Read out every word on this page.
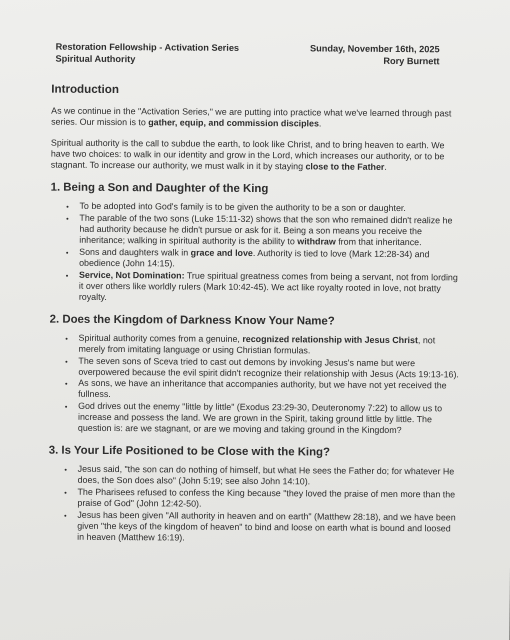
Restoration Fellowship - Activation Series
Spiritual Authority
Sunday, November 16th, 2025
Rory Burnett
Introduction

As we continue in the "Activation Series," we are putting into practice what we've learned through past series. Our mission is to gather, equip, and commission disciples.

Spiritual authority is the call to subdue the earth, to look like Christ, and to bring heaven to earth. We have two choices: to walk in our identity and grow in the Lord, which increases our authority, or to be stagnant. To increase our authority, we must walk in it by staying close to the Father.

1. Being a Son and Daughter of the King
• To be adopted into God's family is to be given the authority to be a son or daughter.
• The parable of the two sons (Luke 15:11-32) shows that the son who remained didn't realize he had authority because he didn't pursue or ask for it. Being a son means you receive the inheritance; walking in spiritual authority is the ability to withdraw from that inheritance.
• Sons and daughters walk in grace and love. Authority is tied to love (Mark 12:28-34) and obedience (John 14:15).
• Service, Not Domination: True spiritual greatness comes from being a servant, not from lording it over others like worldly rulers (Mark 10:42-45). We act like royalty rooted in love, not bratty royalty.
2. Does the Kingdom of Darkness Know Your Name?
• Spiritual authority comes from a genuine, recognized relationship with Jesus Christ, not merely from imitating language or using Christian formulas.
• The seven sons of Sceva tried to cast out demons by invoking Jesus's name but were overpowered because the evil spirit didn't recognize their relationship with Jesus (Acts 19:13-16).
• As sons, we have an inheritance that accompanies authority, but we have not yet received the fullness.
• God drives out the enemy "little by little" (Exodus 23:29-30, Deuteronomy 7:22) to allow us to increase and possess the land. We are grown in the Spirit, taking ground little by little. The question is: are we stagnant, or are we moving and taking ground in the Kingdom?
3. Is Your Life Positioned to be Close with the King?
• Jesus said, "the son can do nothing of himself, but what He sees the Father do; for whatever He does, the Son does also" (John 5:19; see also John 14:10).
• The Pharisees refused to confess the King because "they loved the praise of men more than the praise of God" (John 12:42-50).
• Jesus has been given "All authority in heaven and on earth" (Matthew 28:18), and we have been given "the keys of the kingdom of heaven" to bind and loose on earth what is bound and loosed in heaven (Matthew 16:19).
